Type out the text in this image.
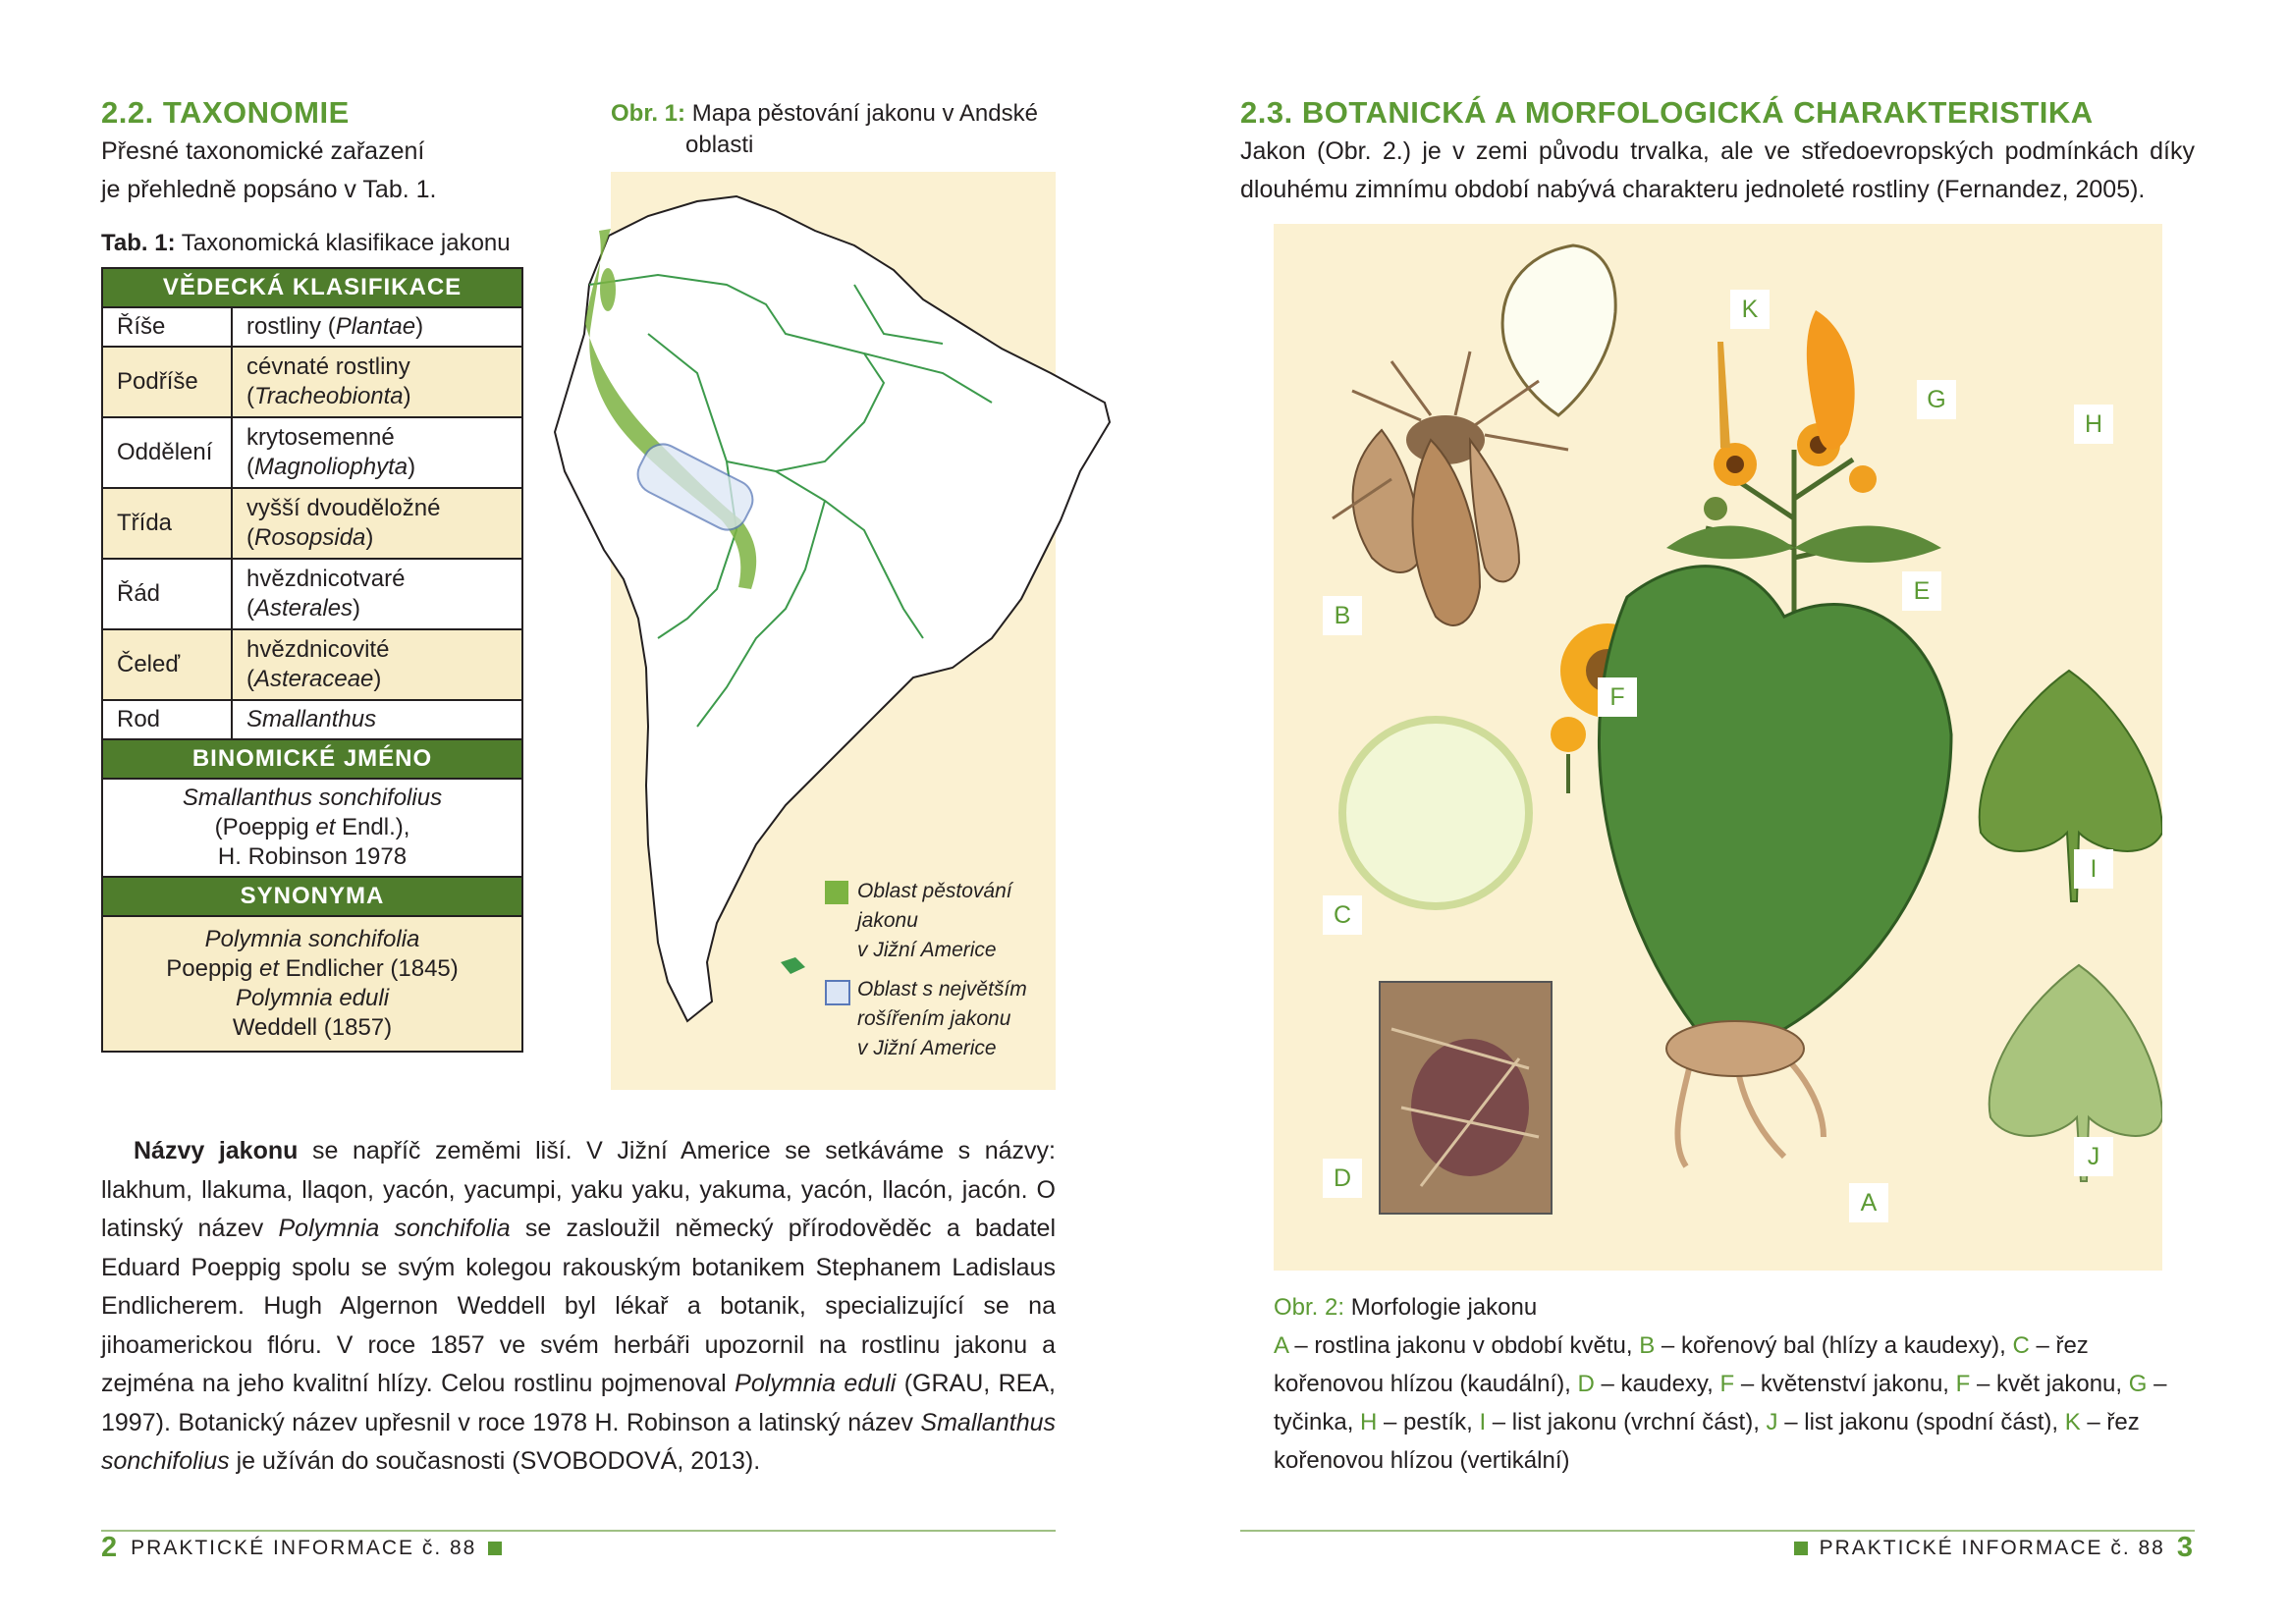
2.2. TAXONOMIE
Přesné taxonomické zařazení
je přehledně popsáno v Tab. 1.
Tab. 1: Taxonomická klasifikace jakonu
VĚDECKÁ KLASIFIKACE	
Říše	rostliny (Plantae)
Podříše	cévnaté rostliny
(Tracheobionta)

Oddělení	krytosemenné
(Magnoliophyta)

Třída	vyšší dvouděložné
(Rosopsida)

Řád	hvězdnicotvaré
(Asterales)

Čeleď	hvězdnicovité
(Asteraceae)

Rod	Smallanthus
BINOMICKÉ JMÉNO	

Smallanthus sonchifolius
(Poeppig et Endl.),
H. Robinson 1978	

SYNONYMA	

Polymnia sonchifolia
Poeppig et Endlicher (1845)
Polymnia eduli
Weddell (1857)	
Obr. 1: Mapa pěstování jakonu v Andské
oblasti
Oblast pěstování
jakonu
v Jižní Americe
Oblast s největším
rošířením jakonu
v Jižní Americe
Názvy jakonu se napříč zeměmi liší. V Jižní Americe se setkáváme s názvy: llakhum, llakuma, llaqon, yacón, yacumpi, yaku yaku, yakuma, yacón, llacón, jacón. O latinský název Polymnia sonchifolia se zasloužil německý přírodověděc a badatel Eduard Poeppig spolu se svým kolegou rakouským botanikem Stephanem Ladislaus Endlicherem. Hugh Algernon Weddell byl lékař a botanik, specializující se na jihoamerickou flóru. V roce 1857 ve svém herbáři upozornil na rostlinu jakonu a zejména na jeho kvalitní hlízy. Celou rostlinu pojmenoval Polymnia eduli (GRAU, REA, 1997). Botanický název upřesnil v roce 1978 H. Robinson a latinský název Smallanthus sonchifolius je užíván do současnosti (SVOBODOVÁ, 2013).
2 PRAKTICKÉ INFORMACE č. 88
2.3. BOTANICKÁ A MORFOLOGICKÁ CHARAKTERISTIKA
Jakon (Obr. 2.) je v zemi původu trvalka, ale ve středoevropských podmínkách díky dlouhému zimnímu období nabývá charakteru jednoleté rostliny (Fernandez, 2005).
K
G
H
E
B
F
C
I
J
D
A
Obr. 2: Morfologie jakonu
A – rostlina jakonu v období květu, B – kořenový bal (hlízy a kaudexy), C – řez kořenovou hlízou (kaudální), D – kaudexy, F – květenství jakonu, F – květ jakonu, G – tyčinka, H – pestík, I – list jakonu (vrchní část), J – list jakonu (spodní část), K – řez kořenovou hlízou (vertikální)
PRAKTICKÉ INFORMACE č. 88 3
